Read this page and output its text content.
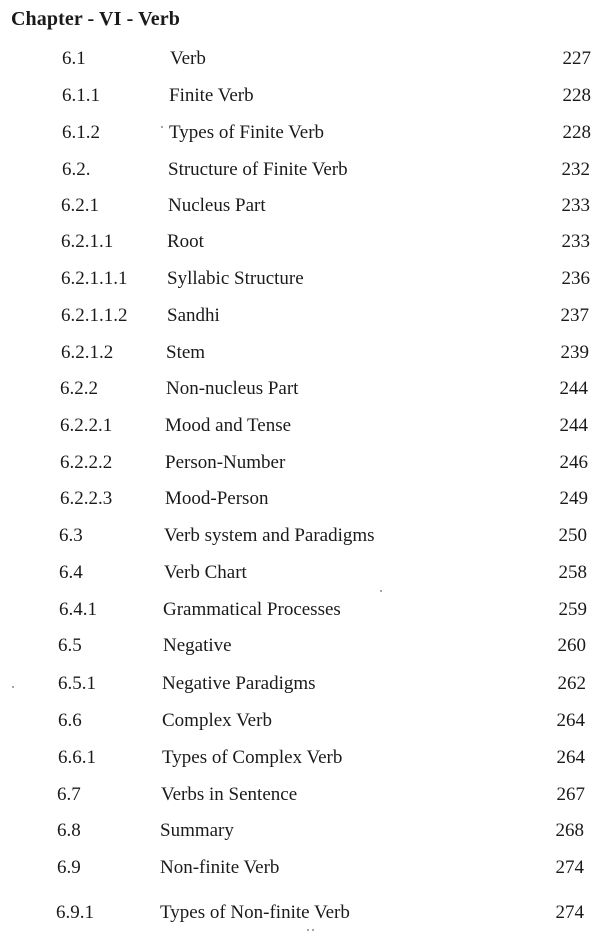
Chapter - VI - Verb
6.1	Verb	227
6.1.1	Finite Verb	228
6.1.2	Types of Finite Verb	228
6.2.	Structure of Finite Verb	232
6.2.1	Nucleus Part	233
6.2.1.1	Root	233
6.2.1.1.1 Syllabic Structure	236
6.2.1.1.2 Sandhi	237
6.2.1.2	Stem	239
6.2.2	Non-nucleus Part	244
6.2.2.1	Mood and Tense	244
6.2.2.2	Person-Number	246
6.2.2.3	Mood-Person	249
6.3	Verb system and Paradigms	250
6.4	Verb Chart	258
6.4.1	Grammatical Processes	259
6.5	Negative	260
6.5.1	Negative Paradigms	262
6.6	Complex Verb	264
6.6.1	Types of Complex Verb	264
6.7	Verbs in Sentence	267
6.8	Summary	268
6.9	Non-finite Verb	274
6.9.1	Types of Non-finite Verb	274
